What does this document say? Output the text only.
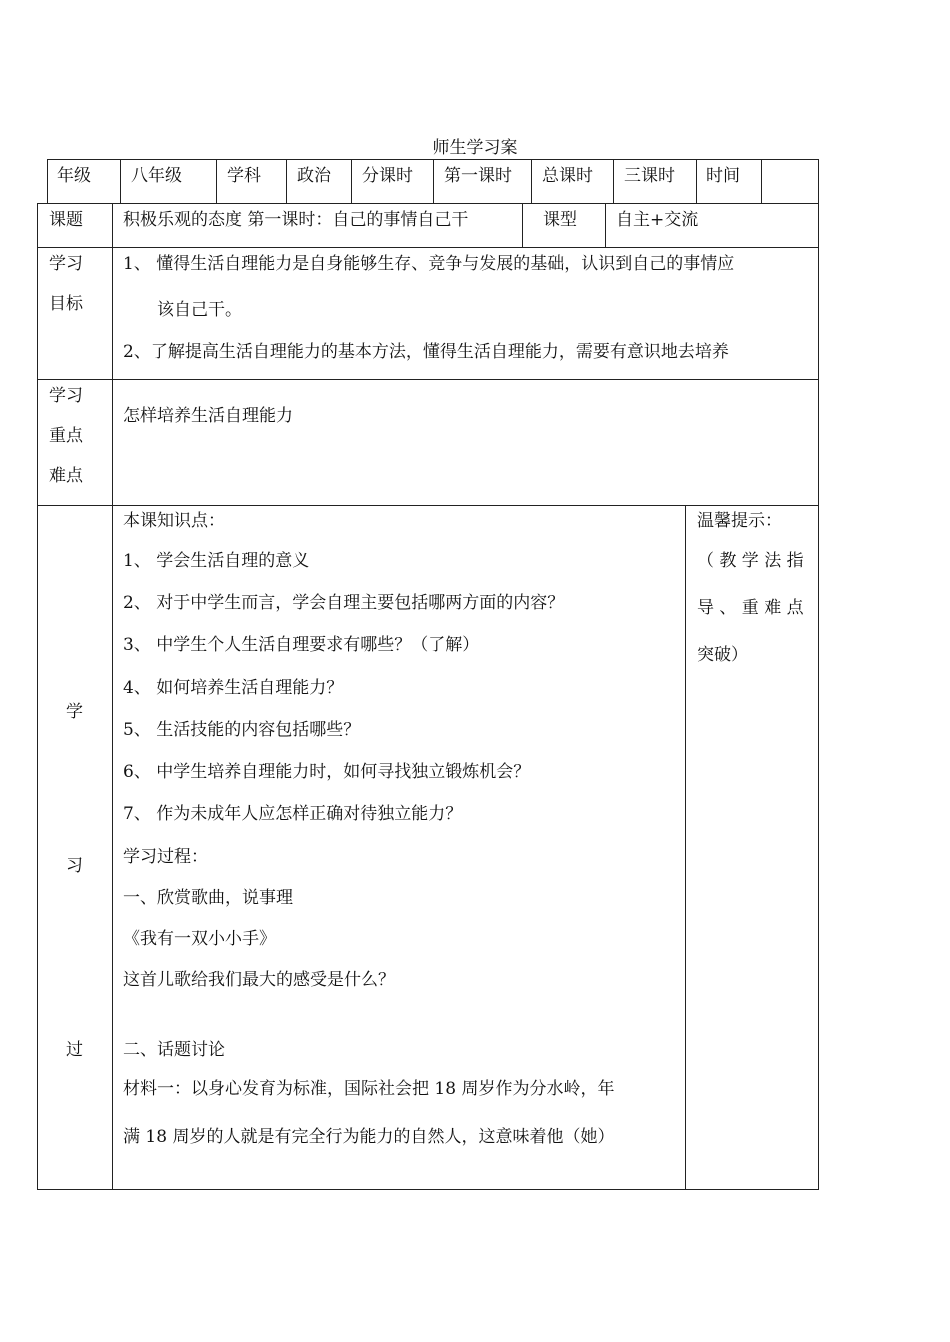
师生学习案
年级 八年级	学科 政治 分课时 第一课时 总课时 三课时 时间
课题 积极乐观的态度 第一课时：自己的事情自己干	课型 自主+交流
学习
目标
1、 懂得生活自理能力是自身能够生存、竞争与发展的基础，认识到自己的事情应
该自己干。
2、了解提高生活自理能力的基本方法，懂得生活自理能力，需要有意识地去培养
学习
重点
难点
怎样培养生活自理能力
学
习
过
本课知识点：
1、 学会生活自理的意义
2、 对于中学生而言，学会自理主要包括哪两方面的内容？
3、 中学生个人生活自理要求有哪些？（了解）
4、 如何培养生活自理能力？
5、 生活技能的内容包括哪些？
6、 中学生培养自理能力时，如何寻找独立锻炼机会？
7、 作为未成年人应怎样正确对待独立能力？
学习过程：
一、欣赏歌曲，说事理
《我有一双小小手》
这首儿歌给我们最大的感受是什么？
二、话题讨论
材料一：以身心发育为标准，国际社会把 18 周岁作为分水岭，年
满 18 周岁的人就是有完全行为能力的自然人，这意味着他（她）
温馨提示：
（ 教 学 法 指
导 、 重 难 点
突破）
